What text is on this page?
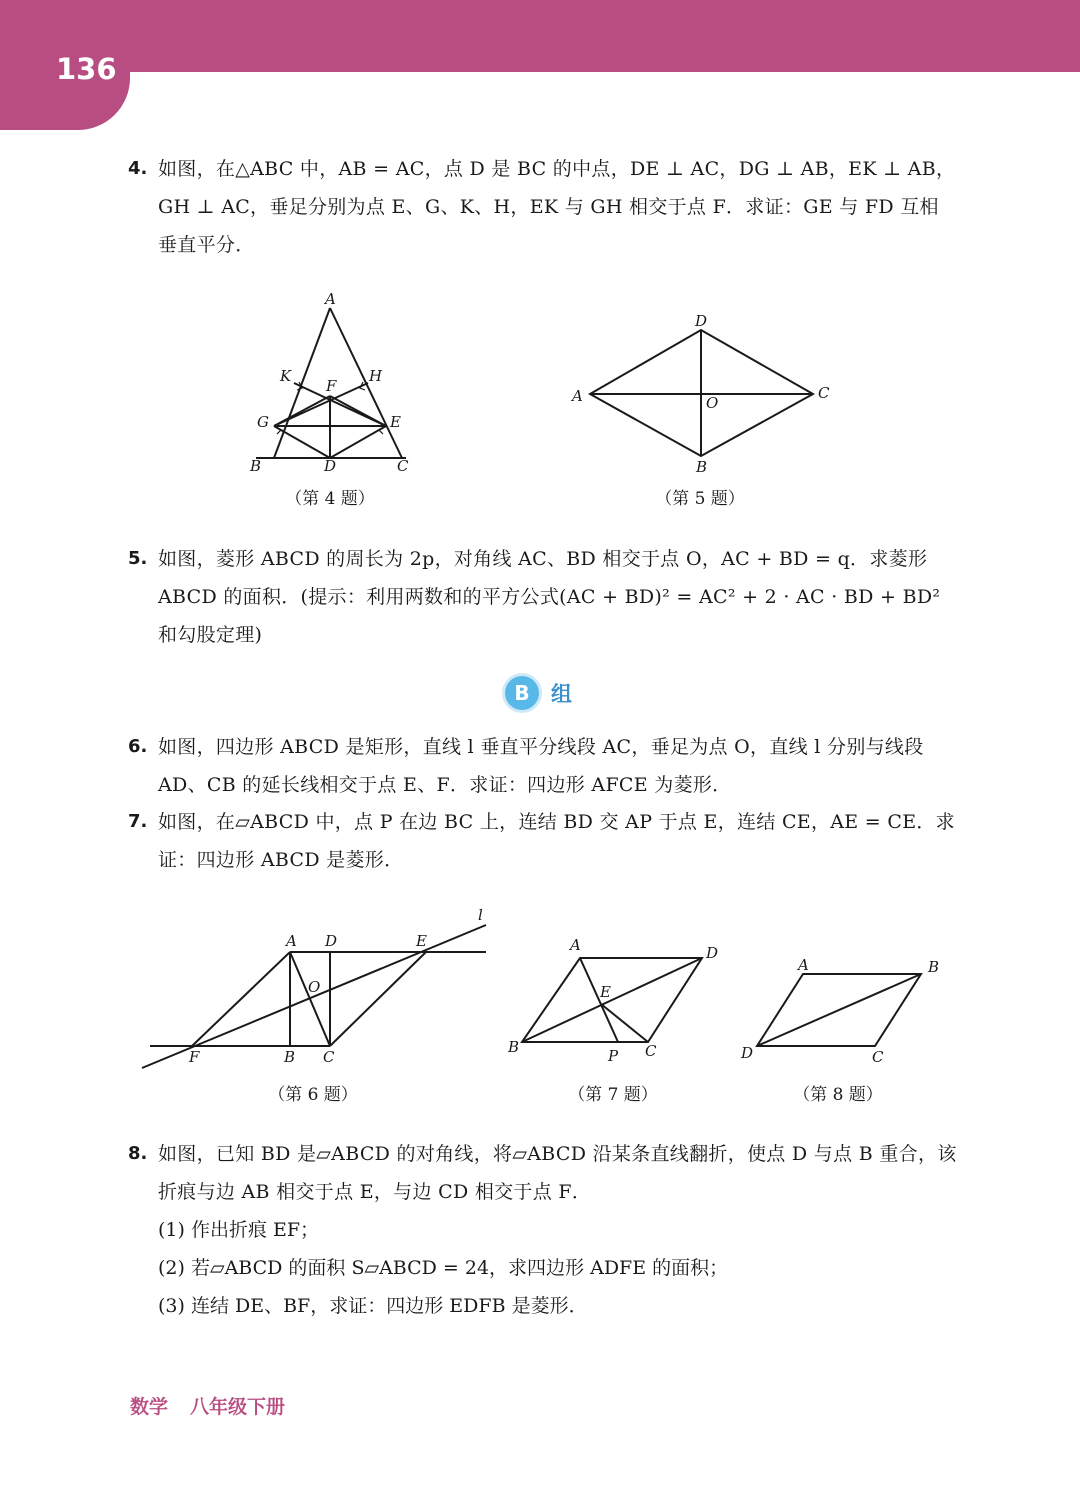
136
4. 如图，在△ABC 中，AB = AC，点 D 是 BC 的中点，DE ⊥ AC，DG ⊥ AB，EK ⊥ AB，GH ⊥ AC，垂足分别为点 E、G、K、H，EK 与 GH 相交于点 F．求证：GE 与 FD 互相垂直平分．
A
B	C
D
E
F
G
H
K
（第 4 题）
A
B
C
D
O
（第 5 题）
5. 如图，菱形 ABCD 的周长为 2p，对角线 AC、BD 相交于点 O，AC + BD = q．求菱形 ABCD 的面积．(提示：利用两数和的平方公式(AC + BD)² = AC² + 2 · AC · BD + BD² 和勾股定理)
B	组
6. 如图，四边形 ABCD 是矩形，直线 l 垂直平分线段 AC，垂足为点 O，直线 l 分别与线段 AD、CB 的延长线相交于点 E、F．求证：四边形 AFCE 为菱形．
7. 如图，在▱ABCD 中，点 P 在边 BC 上，连结 BD 交 AP 于点 E，连结 CE，AE = CE．求证：四边形 ABCD 是菱形．
A
B C
D	E
F
O
l
（第 6 题）
A
B	C
D
E
P
（第 7 题）
A	B
C
D
（第 8 题）
8. 如图，已知 BD 是▱ABCD 的对角线，将▱ABCD 沿某条直线翻折，使点 D 与点 B 重合，该折痕与边 AB 相交于点 E，与边 CD 相交于点 F．
(1) 作出折痕 EF；
(2) 若▱ABCD 的面积 S▱ABCD = 24，求四边形 ADFE 的面积；
(3) 连结 DE、BF，求证：四边形 EDFB 是菱形．
数学 八年级下册
